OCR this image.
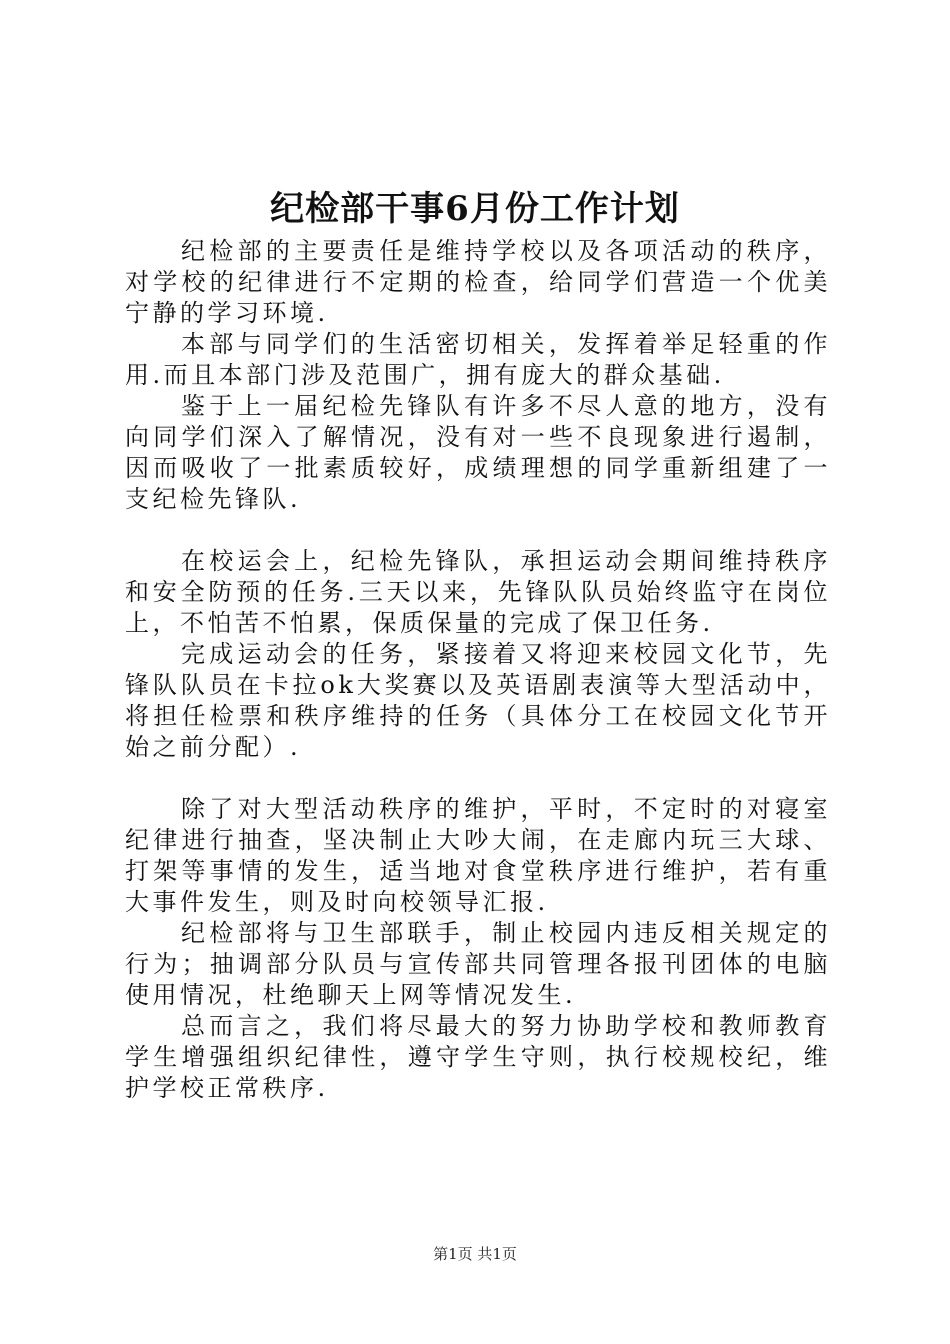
纪检部干事6月份工作计划

纪检部的主要责任是维持学校以及各项活动的秩序，对学校的纪律进行不定期的检查，给同学们营造一个优美宁静的学习环境.

本部与同学们的生活密切相关，发挥着举足轻重的作用.而且本部门涉及范围广，拥有庞大的群众基础.

鉴于上一届纪检先锋队有许多不尽人意的地方，没有向同学们深入了解情况，没有对一些不良现象进行遏制，因而吸收了一批素质较好，成绩理想的同学重新组建了一支纪检先锋队.

在校运会上，纪检先锋队，承担运动会期间维持秩序和安全防预的任务.三天以来，先锋队队员始终监守在岗位上，不怕苦不怕累，保质保量的完成了保卫任务.

完成运动会的任务，紧接着又将迎来校园文化节，先锋队队员在卡拉ok大奖赛以及英语剧表演等大型活动中，将担任检票和秩序维持的任务（具体分工在校园文化节开始之前分配）.

除了对大型活动秩序的维护，平时，不定时的对寝室纪律进行抽查，坚决制止大吵大闹，在走廊内玩三大球、打架等事情的发生，适当地对食堂秩序进行维护，若有重大事件发生，则及时向校领导汇报.

纪检部将与卫生部联手，制止校园内违反相关规定的行为；抽调部分队员与宣传部共同管理各报刊团体的电脑使用情况，杜绝聊天上网等情况发生.

总而言之，我们将尽最大的努力协助学校和教师教育学生增强组织纪律性，遵守学生守则，执行校规校纪，维护学校正常秩序.

第1页 共1页
